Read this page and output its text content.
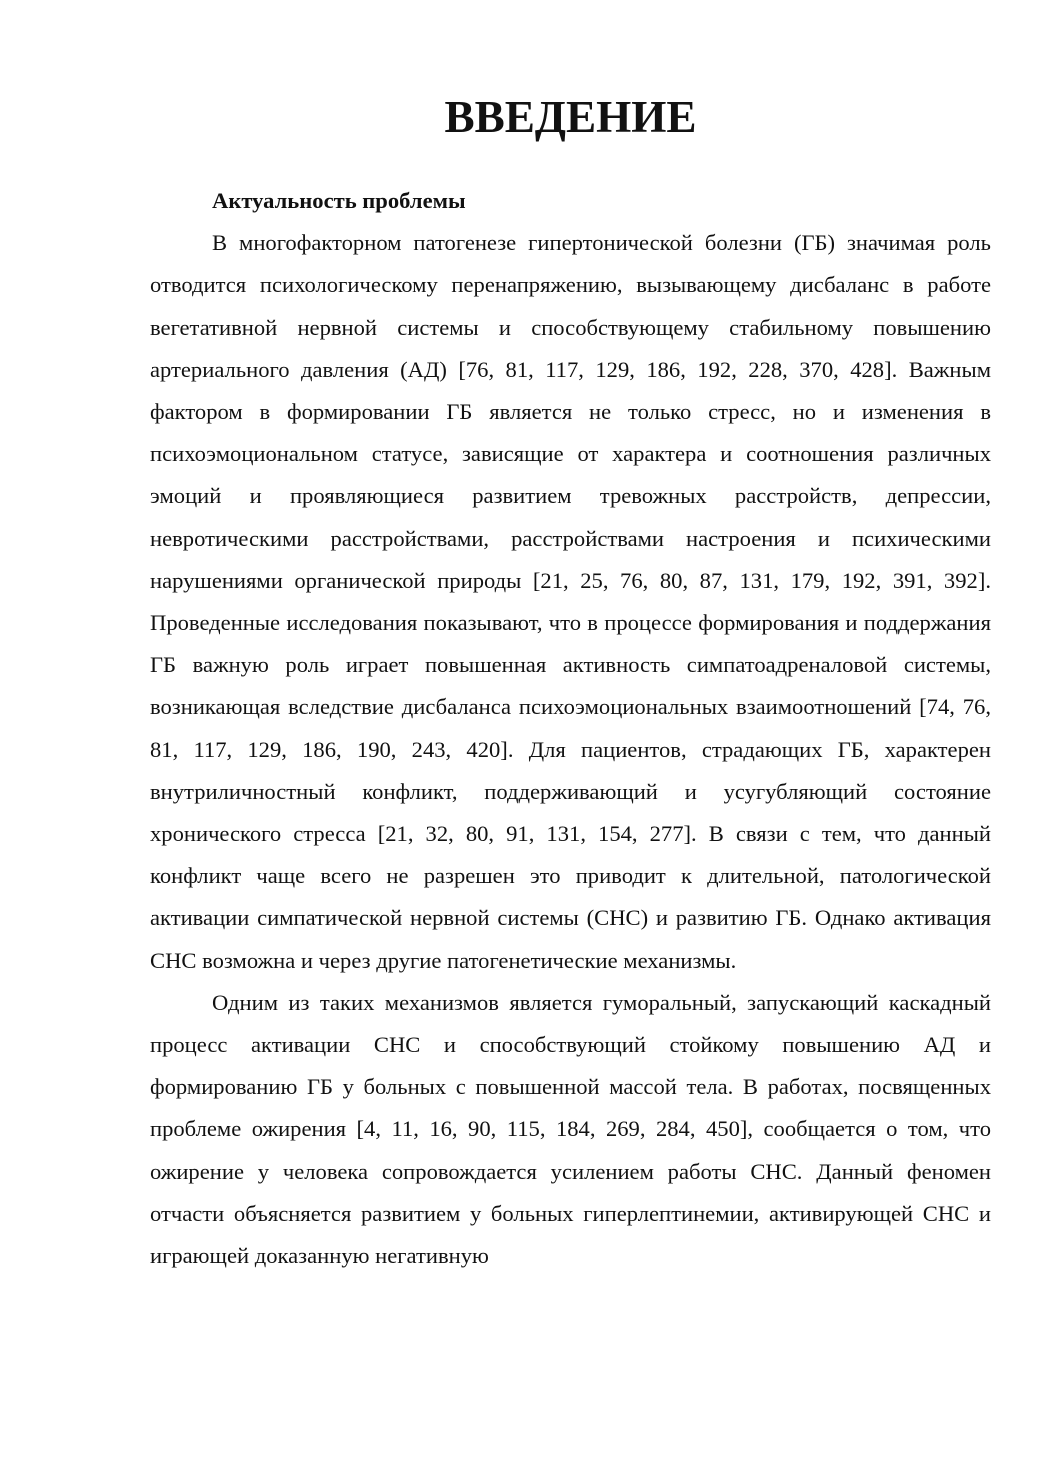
ВВЕДЕНИЕ
Актуальность проблемы

В многофакторном патогенезе гипертонической болезни (ГБ) значимая роль отводится психологическому перенапряжению, вызывающему дисбаланс в работе вегетативной нервной системы и способствующему стабильному повышению артериального давления (АД) [76, 81, 117, 129, 186, 192, 228, 370, 428]. Важным фактором в формировании ГБ является не только стресс, но и изменения в психоэмоциональном статусе, зависящие от характера и соотношения различных эмоций и проявляющиеся развитием тревожных расстройств, депрессии, невротическими расстройствами, расстройствами настроения и психическими нарушениями органической природы [21, 25, 76, 80, 87, 131, 179, 192, 391, 392]. Проведенные исследования показывают, что в процессе формирования и поддержания ГБ важную роль играет повышенная активность симпатоадреналовой системы, возникающая вследствие дисбаланса психоэмоциональных взаимоотношений [74, 76, 81, 117, 129, 186, 190, 243, 420]. Для пациентов, страдающих ГБ, характерен внутриличностный конфликт, поддерживающий и усугубляющий состояние хронического стресса [21, 32, 80, 91, 131, 154, 277]. В связи с тем, что данный конфликт чаще всего не разрешен это приводит к длительной, патологической активации симпатической нервной системы (СНС) и развитию ГБ. Однако активация СНС возможна и через другие патогенетические механизмы.

Одним из таких механизмов является гуморальный, запускающий каскадный процесс активации СНС и способствующий стойкому повышению АД и формированию ГБ у больных с повышенной массой тела. В работах, посвященных проблеме ожирения [4, 11, 16, 90, 115, 184, 269, 284, 450], сообщается о том, что ожирение у человека сопровождается усилением работы СНС. Данный феномен отчасти объясняется развитием у больных гиперлептинемии, активирующей СНС и играющей доказанную негативную
